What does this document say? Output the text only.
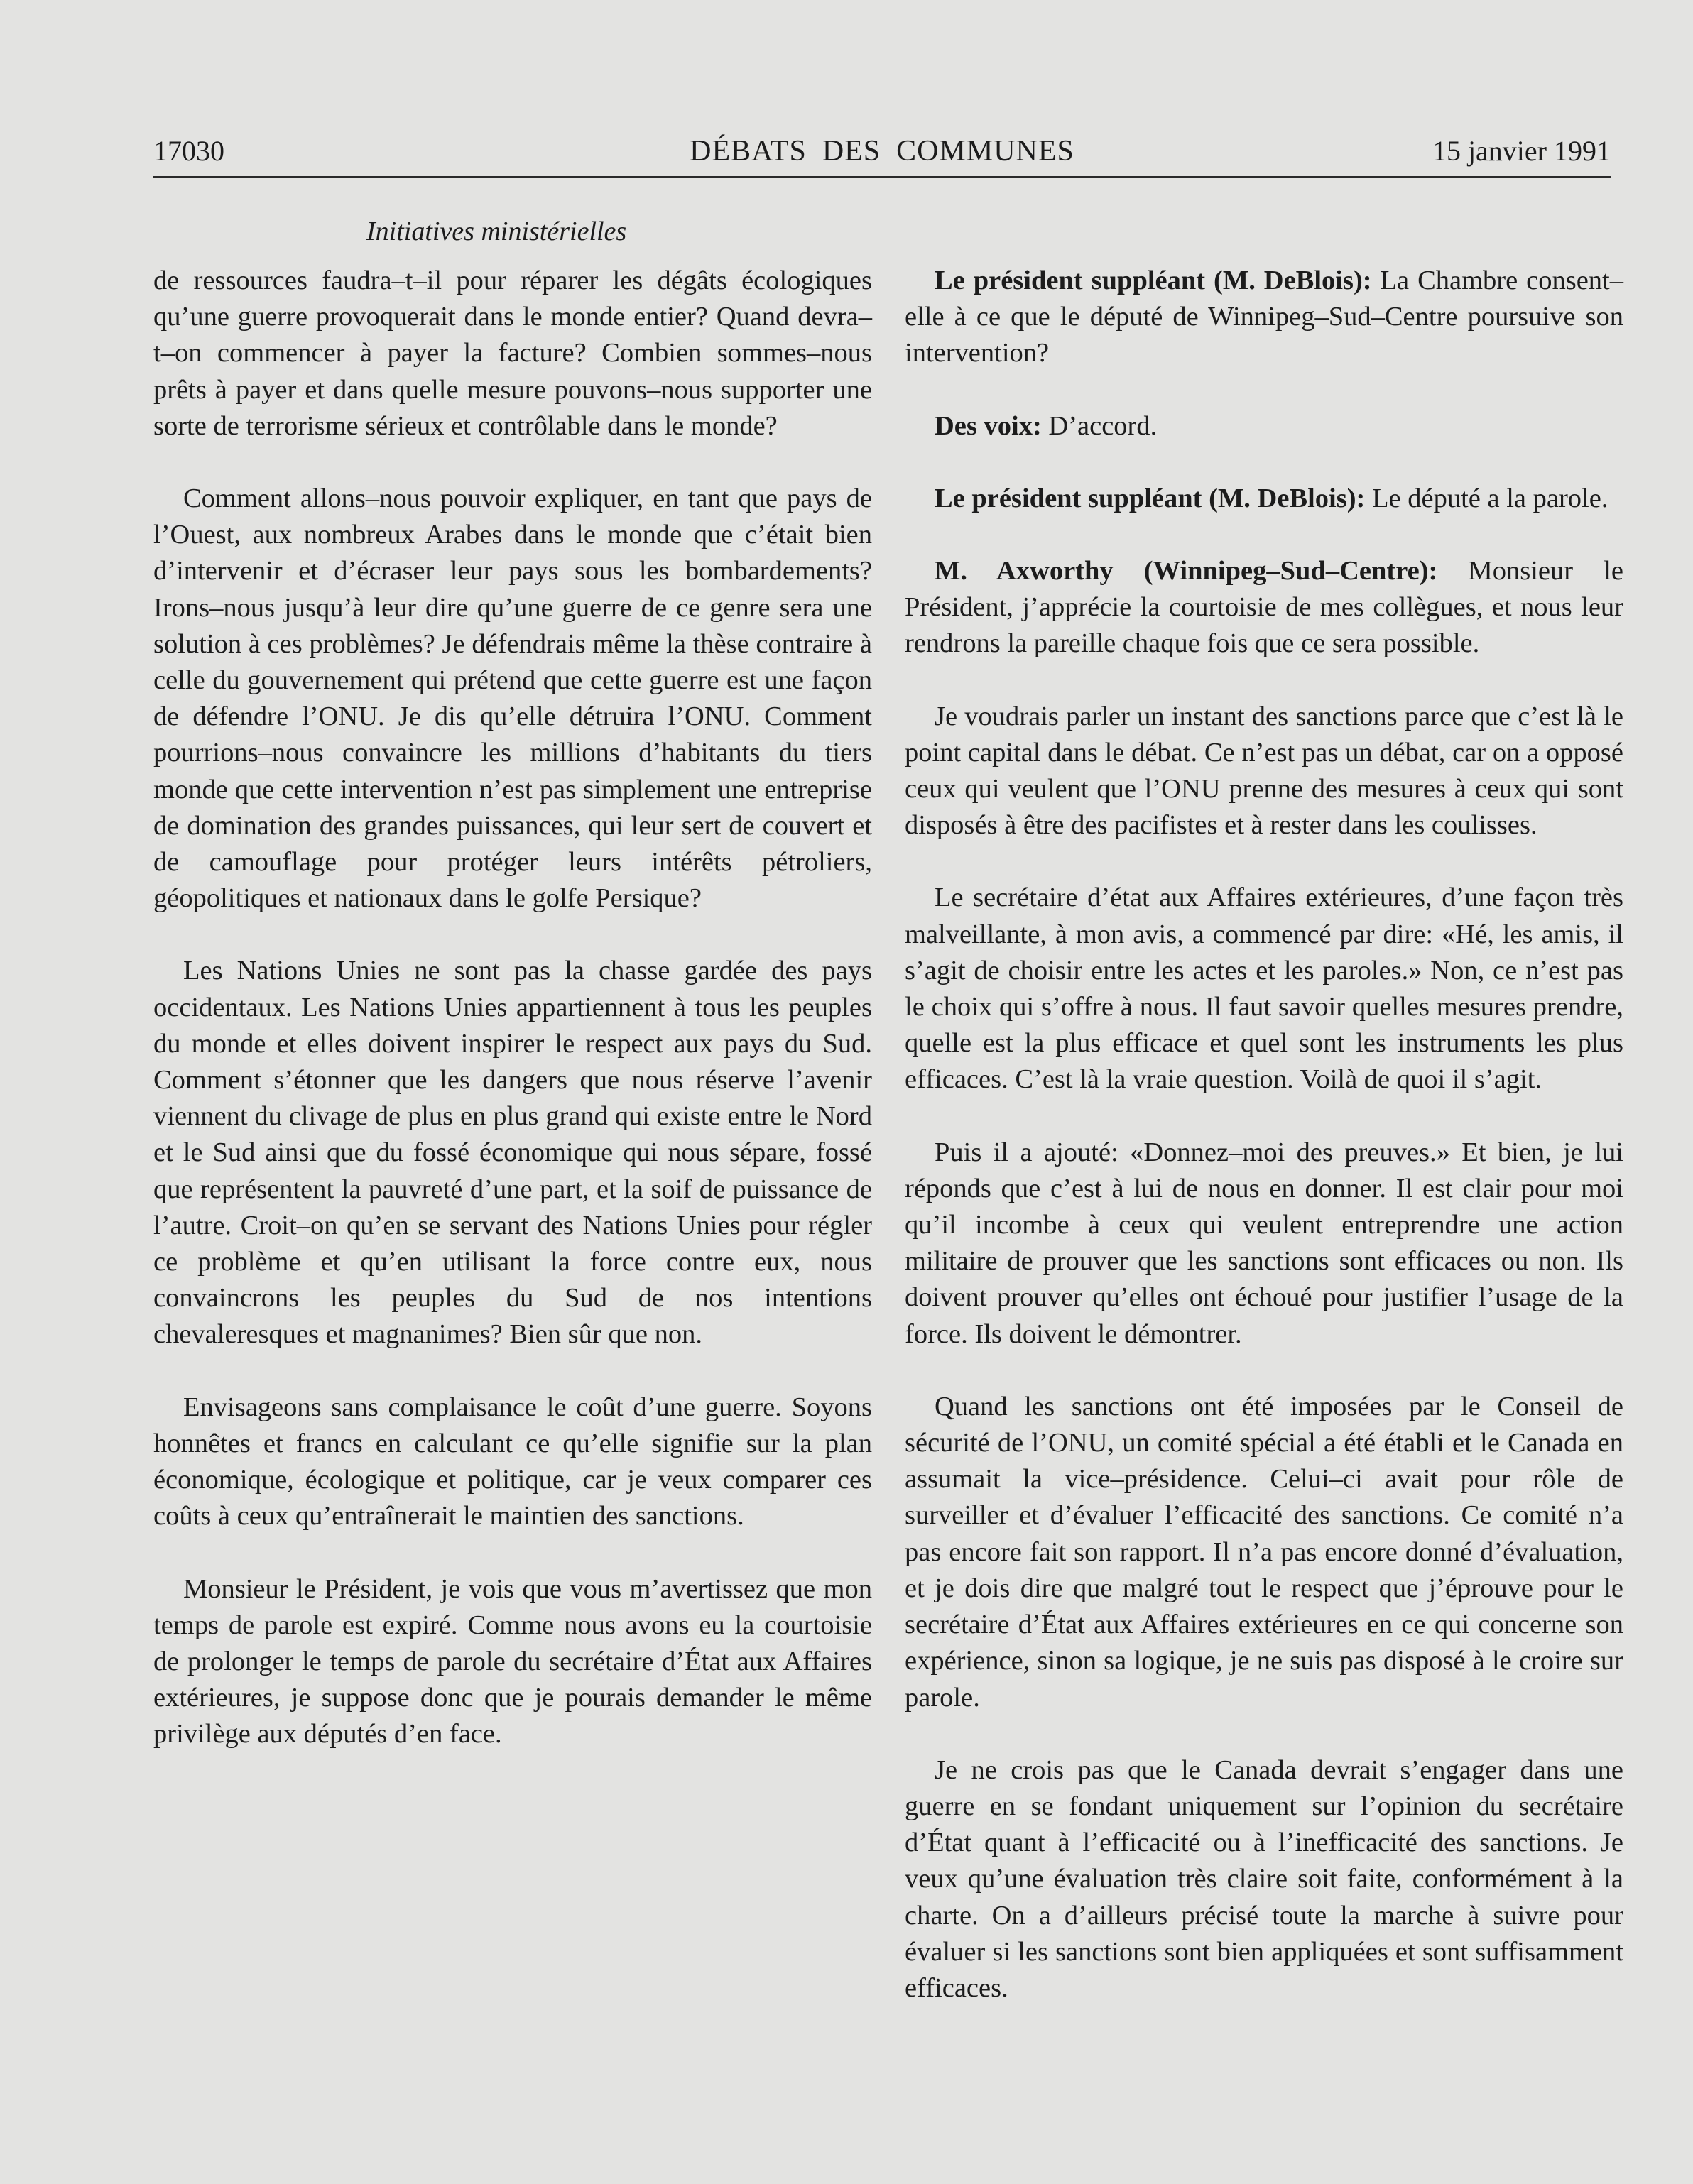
17030	DÉBATS DES COMMUNES	15 janvier 1991
Initiatives ministérielles

de ressources faudra–t–il pour réparer les dégâts écologiques qu’une guerre provoquerait dans le monde entier? Quand devra–t–on commencer à payer la facture? Combien sommes–nous prêts à payer et dans quelle mesure pouvons–nous supporter une sorte de terrorisme sérieux et contrôlable dans le monde?

Comment allons–nous pouvoir expliquer, en tant que pays de l’Ouest, aux nombreux Arabes dans le monde que c’était bien d’intervenir et d’écraser leur pays sous les bombardements? Irons–nous jusqu’à leur dire qu’une guerre de ce genre sera une solution à ces problèmes? Je défendrais même la thèse contraire à celle du gouvernement qui prétend que cette guerre est une façon de défendre l’ONU. Je dis qu’elle détruira l’ONU. Comment pourrions–nous convaincre les millions d’habitants du tiers monde que cette intervention n’est pas simplement une entreprise de domination des grandes puissances, qui leur sert de couvert et de camouflage pour protéger leurs intérêts pétroliers, géopolitiques et nationaux dans le golfe Persique?

Les Nations Unies ne sont pas la chasse gardée des pays occidentaux. Les Nations Unies appartiennent à tous les peuples du monde et elles doivent inspirer le respect aux pays du Sud. Comment s’étonner que les dangers que nous réserve l’avenir viennent du clivage de plus en plus grand qui existe entre le Nord et le Sud ainsi que du fossé économique qui nous sépare, fossé que représentent la pauvreté d’une part, et la soif de puissance de l’autre. Croit–on qu’en se servant des Nations Unies pour régler ce problème et qu’en utilisant la force contre eux, nous convaincrons les peuples du Sud de nos intentions chevaleresques et magnanimes? Bien sûr que non.

Envisageons sans complaisance le coût d’une guerre. Soyons honnêtes et francs en calculant ce qu’elle signifie sur la plan économique, écologique et politique, car je veux comparer ces coûts à ceux qu’entraînerait le maintien des sanctions.

Monsieur le Président, je vois que vous m’avertissez que mon temps de parole est expiré. Comme nous avons eu la courtoisie de prolonger le temps de parole du secrétaire d’État aux Affaires extérieures, je suppose donc que je pourais demander le même privilège aux députés d’en face.

Le président suppléant (M. DeBlois): La Chambre consent–elle à ce que le député de Winnipeg–Sud–Centre poursuive son intervention?

Des voix: D’accord.

Le président suppléant (M. DeBlois): Le député a la parole.

M. Axworthy (Winnipeg–Sud–Centre): Monsieur le Président, j’apprécie la courtoisie de mes collègues, et nous leur rendrons la pareille chaque fois que ce sera possible.

Je voudrais parler un instant des sanctions parce que c’est là le point capital dans le débat. Ce n’est pas un débat, car on a opposé ceux qui veulent que l’ONU prenne des mesures à ceux qui sont disposés à être des pacifistes et à rester dans les coulisses.

Le secrétaire d’état aux Affaires extérieures, d’une façon très malveillante, à mon avis, a commencé par dire: «Hé, les amis, il s’agit de choisir entre les actes et les paroles.» Non, ce n’est pas le choix qui s’offre à nous. Il faut savoir quelles mesures prendre, quelle est la plus efficace et quel sont les instruments les plus efficaces. C’est là la vraie question. Voilà de quoi il s’agit.

Puis il a ajouté: «Donnez–moi des preuves.» Et bien, je lui réponds que c’est à lui de nous en donner. Il est clair pour moi qu’il incombe à ceux qui veulent entreprendre une action militaire de prouver que les sanctions sont efficaces ou non. Ils doivent prouver qu’elles ont échoué pour justifier l’usage de la force. Ils doivent le démontrer.

Quand les sanctions ont été imposées par le Conseil de sécurité de l’ONU, un comité spécial a été établi et le Canada en assumait la vice–présidence. Celui–ci avait pour rôle de surveiller et d’évaluer l’efficacité des sanctions. Ce comité n’a pas encore fait son rapport. Il n’a pas encore donné d’évaluation, et je dois dire que malgré tout le respect que j’éprouve pour le secrétaire d’État aux Affaires extérieures en ce qui concerne son expérience, sinon sa logique, je ne suis pas disposé à le croire sur parole.

Je ne crois pas que le Canada devrait s’engager dans une guerre en se fondant uniquement sur l’opinion du secrétaire d’État quant à l’efficacité ou à l’inefficacité des sanctions. Je veux qu’une évaluation très claire soit faite, conformément à la charte. On a d’ailleurs précisé toute la marche à suivre pour évaluer si les sanctions sont bien appliquées et sont suffisamment efficaces.
